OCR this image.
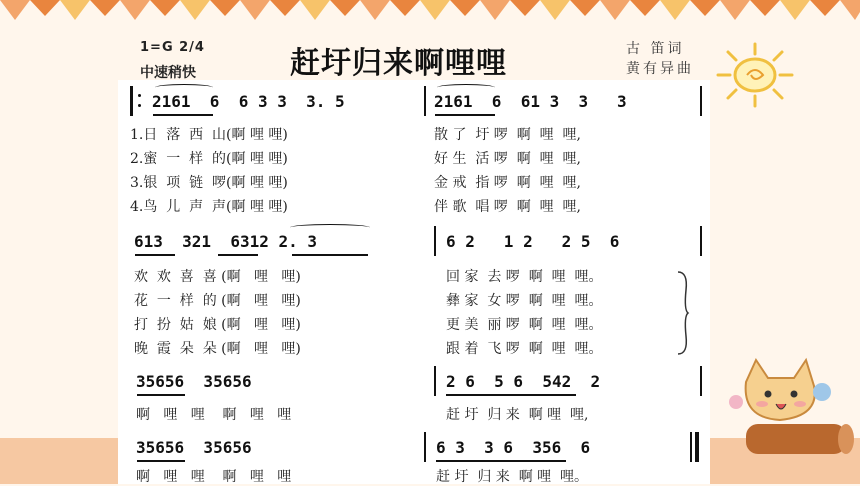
1=G 2/4
中速稍快	赶圩归来啊哩哩	古 笛词
黄有异曲
2161  6  6 3 3  3. 5	2161  6  61 3  3   3
1.日  落  西  山(啊 哩 哩)	散 了  圩 啰  啊  哩  哩,
2.蜜  一  样  的(啊 哩 哩)	好 生  活 啰  啊  哩  哩,
3.银  项  链  啰(啊 哩 哩)	金 戒  指 啰  啊  哩  哩,
4.鸟  儿  声  声(啊 哩 哩)	伴 歌  唱 啰  啊  哩  哩,
613  321  6312 2. 3	6 2   1 2   2 5  6
欢  欢  喜  喜 (啊   哩   哩)	回 家  去 啰  啊  哩  哩。
花  一  样  的 (啊   哩   哩)	彝 家  女 啰  啊  哩  哩。
打  扮  姑  娘 (啊   哩   哩)	更 美  丽 啰  啊  哩  哩。
晚  霞  朵  朵 (啊   哩   哩)	跟 着  飞 啰  啊  哩  哩。
35656  35656	2 6  5 6  542  2
啊   哩   哩    啊   哩   哩	赶 圩  归 来  啊 哩  哩,
35656  35656	6 3  3 6  356  6
啊   哩   哩    啊   哩   哩	赶 圩  归 来  啊 哩  哩。
